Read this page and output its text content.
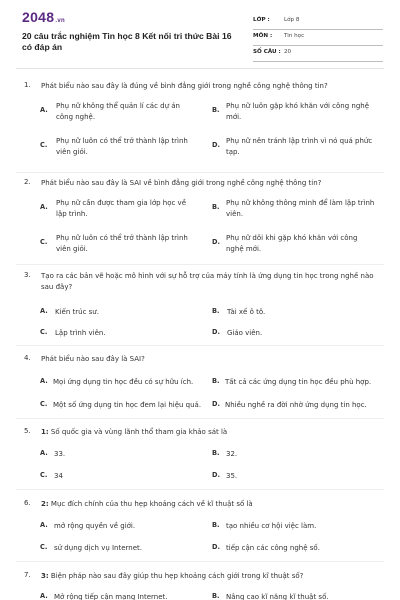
2048.vn
20 câu trắc nghiệm Tin học 8 Kết nối tri thức Bài 16 có đáp án
LỚP :	Lớp 8
MÔN : Tin học
SỐ CÂU : 20
1. Phát biểu nào sau đây là đúng về bình đẳng giới trong nghề công nghệ thông tin?
A. Phụ nữ không thể quản lí các dự án công nghệ.
B. Phụ nữ luôn gặp khó khăn với công nghệ mới.
C. Phụ nữ luôn có thể trở thành lập trình viên giỏi.
D. Phụ nữ nên tránh lập trình vì nó quá phức tạp.
2. Phát biểu nào sau đây là SAI về bình đẳng giới trong nghề công nghệ thông tin?
A. Phụ nữ cần được tham gia lớp học về lập trình.
B. Phụ nữ không thông minh để làm lập trình viên.
C. Phụ nữ luôn có thể trở thành lập trình viên giỏi.
D. Phụ nữ dôi khi gặp khó khăn với công nghệ mới.
3. Tạo ra các bản vẽ hoặc mô hình với sự hỗ trợ của máy tính là ứng dụng tin học trong nghề nào sau đây?
A. Kiến trúc sư.	B. Tài xế ô tô.
C. Lập trình viên.	D. Giáo viên.
4. Phát biểu nào sau đây là SAI?
A. Mọi ứng dụng tin học đều có sự hữu ích.	B. Tất cả các ứng dụng tin học đều phù hợp.
C. Một số ứng dụng tin học đem lại hiệu quả.	D. Nhiều nghề ra đời nhờ ứng dụng tin học.
5. 1: Số quốc gia và vùng lãnh thổ tham gia khảo sát là
A. 33.	B. 32.
C. 34	D. 35.
6. 2: Mục đích chính của thu hẹp khoảng cách về kĩ thuật số là
A. mở rộng quyền về giới.	B. tạo nhiều cơ hội việc làm.
C. sử dụng dịch vụ Internet.	D. tiếp cận các công nghệ số.
7. 3: Biện pháp nào sau đây giúp thu hẹp khoảng cách giới trong kĩ thuật số?
A. Mở rộng tiếp cận mạng Internet.	B. Nâng cao kĩ năng kĩ thuật số.
